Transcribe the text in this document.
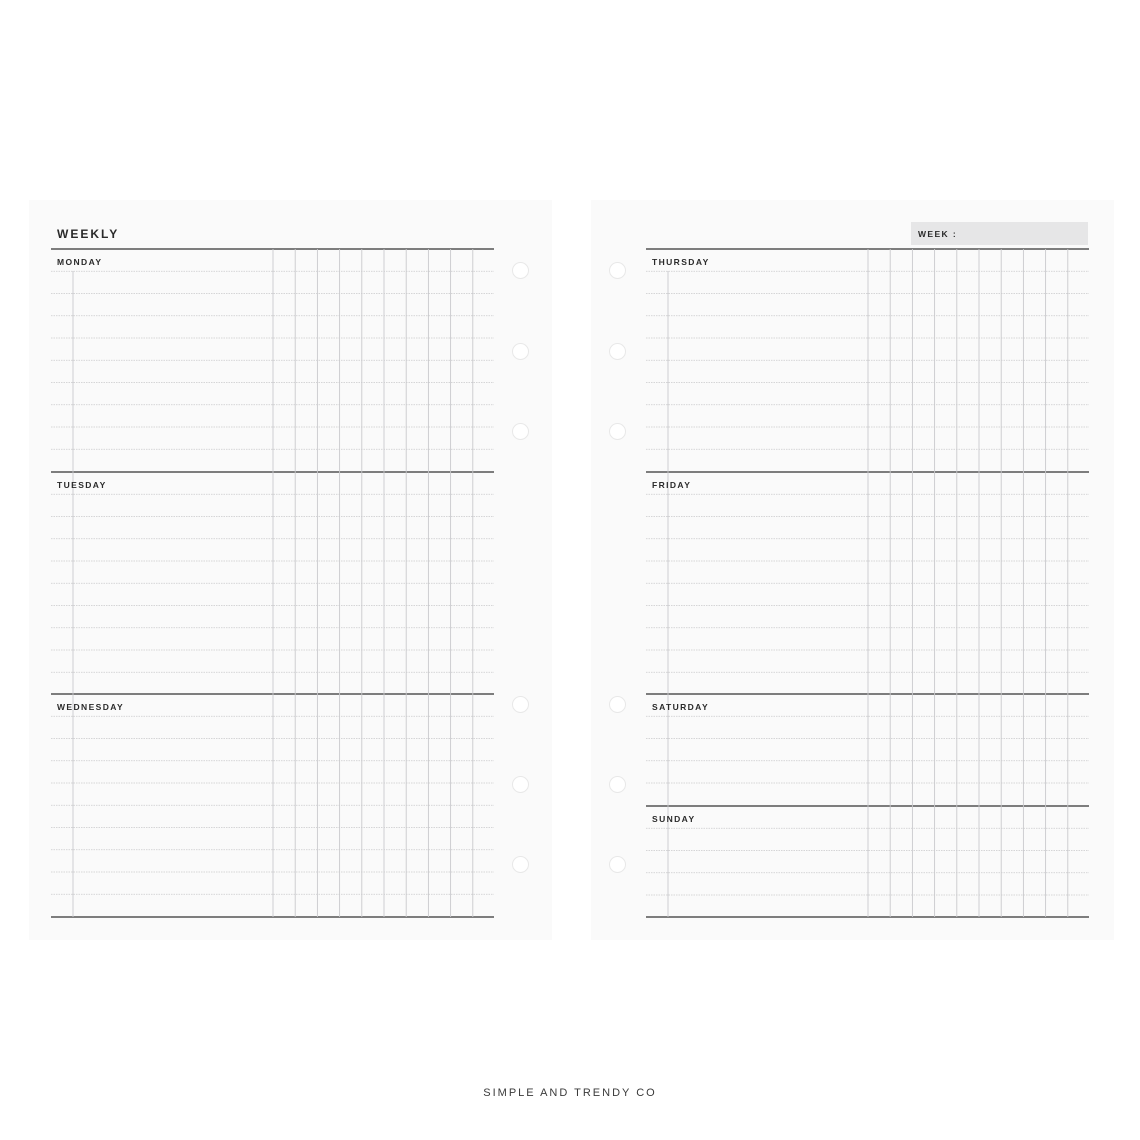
WEEKLY
MONDAY
TUESDAY
WEDNESDAY
WEEK :
THURSDAY
FRIDAY
SATURDAY
SUNDAY
SIMPLE AND TRENDY CO
